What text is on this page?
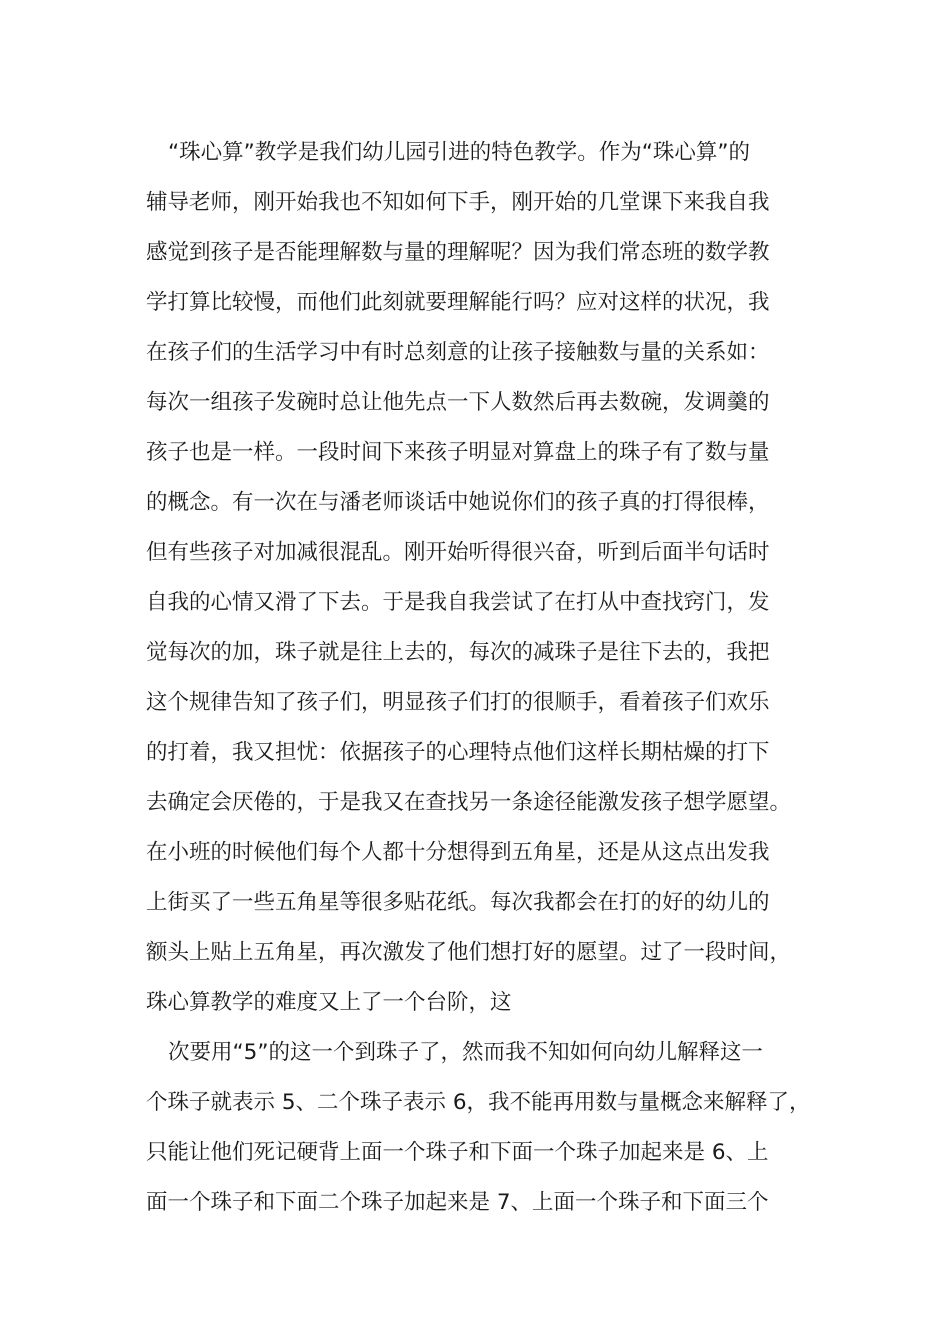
“珠心算”教学是我们幼儿园引进的特色教学。作为“珠心算”的
辅导老师，刚开始我也不知如何下手，刚开始的几堂课下来我自我
感觉到孩子是否能理解数与量的理解呢？因为我们常态班的数学教
学打算比较慢，而他们此刻就要理解能行吗？应对这样的状况，我
在孩子们的生活学习中有时总刻意的让孩子接触数与量的关系如：
每次一组孩子发碗时总让他先点一下人数然后再去数碗，发调羹的
孩子也是一样。一段时间下来孩子明显对算盘上的珠子有了数与量
的概念。有一次在与潘老师谈话中她说你们的孩子真的打得很棒，
但有些孩子对加减很混乱。刚开始听得很兴奋，听到后面半句话时
自我的心情又滑了下去。于是我自我尝试了在打从中查找窍门，发
觉每次的加，珠子就是往上去的，每次的减珠子是往下去的，我把
这个规律告知了孩子们，明显孩子们打的很顺手，看着孩子们欢乐
的打着，我又担忧：依据孩子的心理特点他们这样长期枯燥的打下
去确定会厌倦的，于是我又在查找另一条途径能激发孩子想学愿望。
在小班的时候他们每个人都十分想得到五角星，还是从这点出发我
上街买了一些五角星等很多贴花纸。每次我都会在打的好的幼儿的
额头上贴上五角星，再次激发了他们想打好的愿望。过了一段时间，
珠心算教学的难度又上了一个台阶，这
次要用“5”的这一个到珠子了，然而我不知如何向幼儿解释这一
个珠子就表示 5、二个珠子表示 6，我不能再用数与量概念来解释了，
只能让他们死记硬背上面一个珠子和下面一个珠子加起来是 6、上
面一个珠子和下面二个珠子加起来是 7、上面一个珠子和下面三个
